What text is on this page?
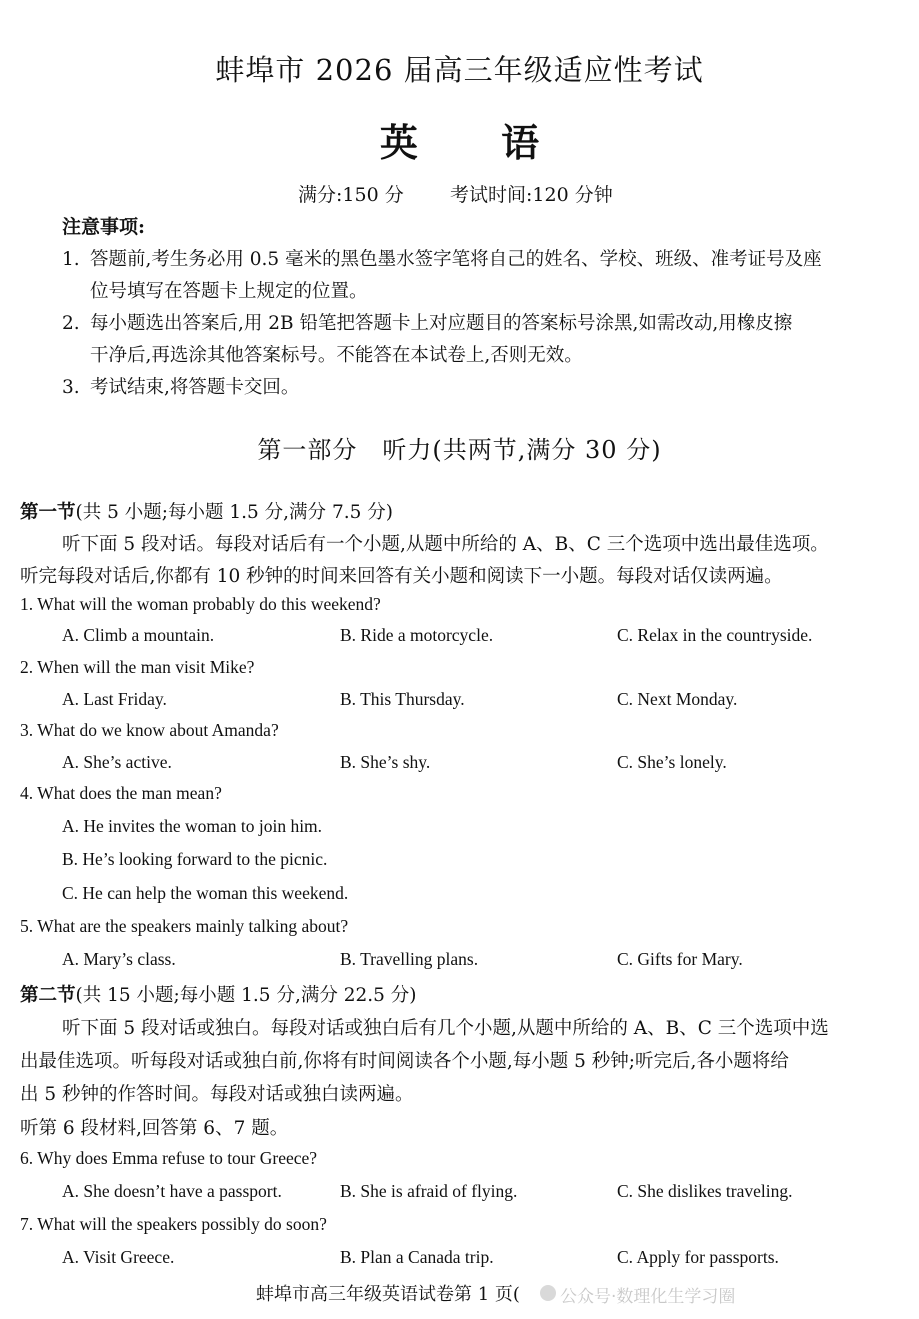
蚌埠市 2026 届高三年级适应性考试
英 语
满分:150 分 考试时间:120 分钟
注意事项:
1. 答题前,考生务必用 0.5 毫米的黑色墨水签字笔将自己的姓名、学校、班级、准考证号及座
位号填写在答题卡上规定的位置。
2. 每小题选出答案后,用 2B 铅笔把答题卡上对应题目的答案标号涂黑,如需改动,用橡皮擦
干净后,再选涂其他答案标号。不能答在本试卷上,否则无效。
3. 考试结束,将答题卡交回。
第一部分　听力(共两节,满分 30 分)
第一节(共 5 小题;每小题 1.5 分,满分 7.5 分)
听下面 5 段对话。每段对话后有一个小题,从题中所给的 A、B、C 三个选项中选出最佳选项。
听完每段对话后,你都有 10 秒钟的时间来回答有关小题和阅读下一小题。每段对话仅读两遍。
1. What will the woman probably do this weekend?
A. Climb a mountain.	B. Ride a motorcycle.	C. Relax in the countryside.
2. When will the man visit Mike?
A. Last Friday.	B. This Thursday.	C. Next Monday.
3. What do we know about Amanda?
A. She’s active.	B. She’s shy.	C. She’s lonely.
4. What does the man mean?
A. He invites the woman to join him.
B. He’s looking forward to the picnic.
C. He can help the woman this weekend.
5. What are the speakers mainly talking about?
A. Mary’s class.	B. Travelling plans.	C. Gifts for Mary.
第二节(共 15 小题;每小题 1.5 分,满分 22.5 分)
听下面 5 段对话或独白。每段对话或独白后有几个小题,从题中所给的 A、B、C 三个选项中选
出最佳选项。听每段对话或独白前,你将有时间阅读各个小题,每小题 5 秒钟;听完后,各小题将给
出 5 秒钟的作答时间。每段对话或独白读两遍。
听第 6 段材料,回答第 6、7 题。
6. Why does Emma refuse to tour Greece?
A. She doesn’t have a passport.	B. She is afraid of flying.	C. She dislikes traveling.
7. What will the speakers possibly do soon?
A. Visit Greece.	B. Plan a Canada trip.	C. Apply for passports.
蚌埠市高三年级英语试卷第 1 页( 公众号·数理化生学习圈
